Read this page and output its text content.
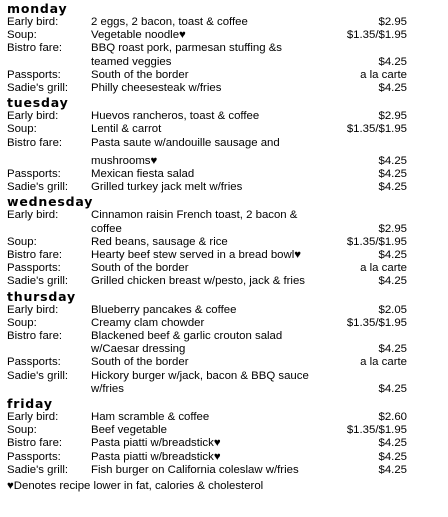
monday
Early bird:	2 eggs, 2 bacon, toast & coffee	$2.95
Soup:	Vegetable noodle♥	$1.35/$1.95
Bistro fare:	BBQ roast pork, parmesan stuffing &s
teamed veggies	$4.25
Passports:	South of the border	a la carte
Sadie's grill:	Philly cheesesteak w/fries	$4.25
tuesday
Early bird:	Huevos rancheros, toast & coffee	$2.95
Soup:	Lentil & carrot	$1.35/$1.95
Bistro fare:	Pasta saute w/andouille sausage and
mushrooms♥	$4.25
Passports:	Mexican fiesta salad	$4.25
Sadie's grill:	Grilled turkey jack melt w/fries	$4.25
wednesday
Early bird:	Cinnamon raisin French toast, 2 bacon &
coffee	$2.95
Soup:	Red beans, sausage & rice	$1.35/$1.95
Bistro fare:	Hearty beef stew served in a bread bowl♥	$4.25
Passports:	South of the border	a la carte
Sadie's grill:	Grilled chicken breast w/pesto, jack & fries	$4.25
thursday
Early bird:	Blueberry pancakes & coffee	$2.05
Soup:	Creamy clam chowder	$1.35/$1.95
Bistro fare:	Blackened beef & garlic crouton salad
w/Caesar dressing	$4.25
Passports:	South of the border	a la carte
Sadie's grill:	Hickory burger w/jack, bacon & BBQ sauce
w/fries	$4.25
friday
Early bird:	Ham scramble & coffee	$2.60
Soup:	Beef vegetable	$1.35/$1.95
Bistro fare:	Pasta piatti w/breadstick♥	$4.25
Passports:	Pasta piatti w/breadstick♥	$4.25
Sadie's grill:	Fish burger on California coleslaw w/fries	$4.25
♥Denotes recipe lower in fat, calories & cholesterol
